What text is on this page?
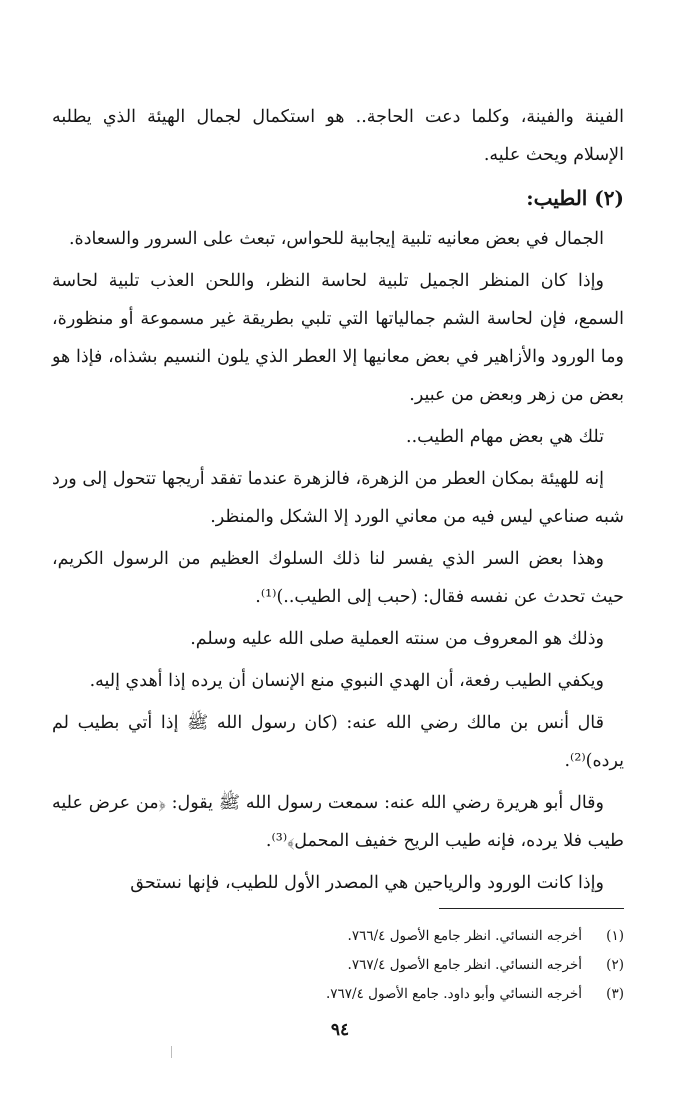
الفينة والفينة، وكلما دعت الحاجة.. هو استكمال لجمال الهيئة الذي يطلبه الإسلام ويحث عليه.

(٢) الطيب:

الجمال في بعض معانيه تلبية إيجابية للحواس، تبعث على السرور والسعادة.

وإذا كان المنظر الجميل تلبية لحاسة النظر، واللحن العذب تلبية لحاسة السمع، فإن لحاسة الشم جمالياتها التي تلبي بطريقة غير مسموعة أو منظورة، وما الورود والأزاهير في بعض معانيها إلا العطر الذي يلون النسيم بشذاه، فإذا هو بعض من زهر وبعض من عبير.

تلك هي بعض مهام الطيب..

إنه للهيئة بمكان العطر من الزهرة، فالزهرة عندما تفقد أريجها تتحول إلى ورد شبه صناعي ليس فيه من معاني الورد إلا الشكل والمنظر.

وهذا بعض السر الذي يفسر لنا ذلك السلوك العظيم من الرسول الكريم، حيث تحدث عن نفسه فقال: (حبب إلى الطيب..)⁽¹⁾.

وذلك هو المعروف من سنته العملية صلى الله عليه وسلم.

ويكفي الطيب رفعة، أن الهدي النبوي منع الإنسان أن يرده إذا أهدي إليه.

قال أنس بن مالك رضي الله عنه: (كان رسول الله ﷺ إذا أتي بطيب لم يرده)⁽²⁾.

وقال أبو هريرة رضي الله عنه: سمعت رسول الله ﷺ يقول: ﴿من عرض عليه طيب فلا يرده، فإنه طيب الريح خفيف المحمل﴾⁽³⁾.

وإذا كانت الورود والرياحين هي المصدر الأول للطيب، فإنها نستحق

(١)
أخرجه النسائي. انظر جامع الأصول ٧٦٦/٤.
(٢)
أخرجه النسائي. انظر جامع الأصول ٧٦٧/٤.
(٣)
أخرجه النسائي وأبو داود. جامع الأصول ٧٦٧/٤.
٩٤
